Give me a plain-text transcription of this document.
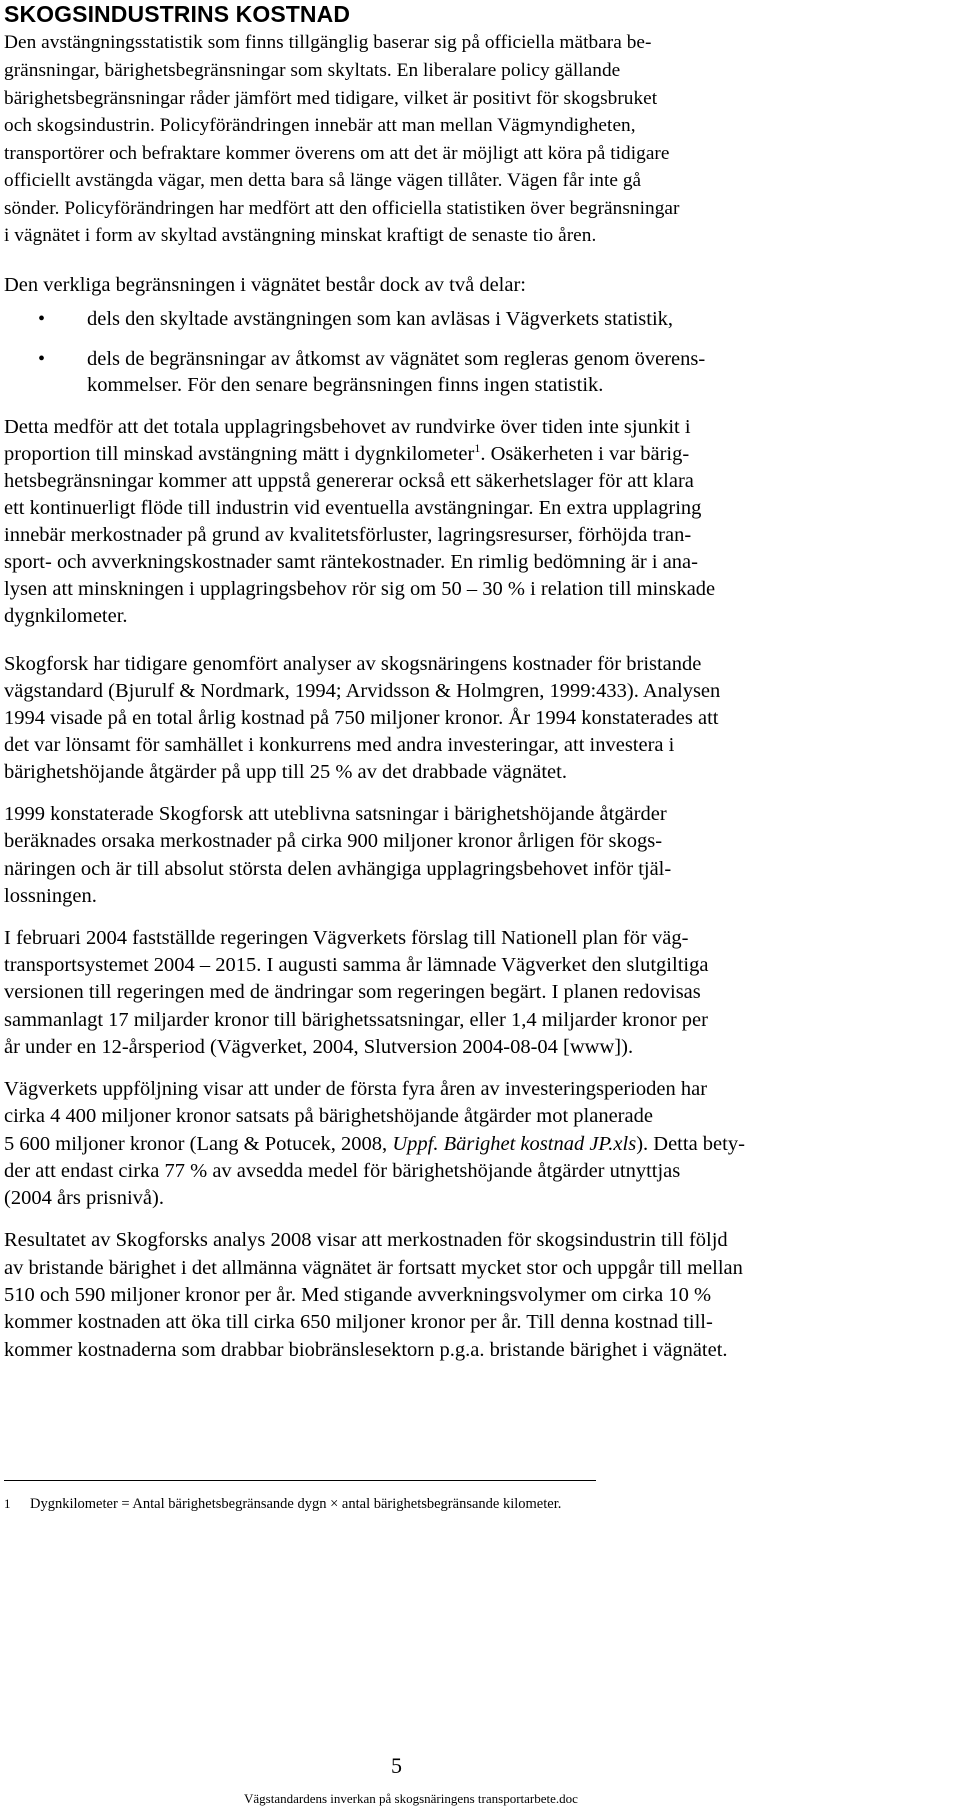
SKOGSINDUSTRINS KOSTNAD

Den avstängningsstatistik som finns tillgänglig baserar sig på officiella mätbara be-

gränsningar, bärighetsbegränsningar som skyltats. En liberalare policy gällande

bärighetsbegränsningar råder jämfört med tidigare, vilket är positivt för skogsbruket

och skogsindustrin. Policyförändringen innebär att man mellan Vägmyndigheten,

transportörer och befraktare kommer överens om att det är möjligt att köra på tidigare

officiellt avstängda vägar, men detta bara så länge vägen tillåter. Vägen får inte gå

sönder. Policyförändringen har medfört att den officiella statistiken över begränsningar

i vägnätet i form av skyltad avstängning minskat kraftigt de senaste tio åren.

Den verkliga begränsningen i vägnätet består dock av två delar:

• dels den skyltade avstängningen som kan avläsas i Vägverkets statistik,

• dels de begränsningar av åtkomst av vägnätet som regleras genom överens-

kommelser. För den senare begränsningen finns ingen statistik.

Detta medför att det totala upplagringsbehovet av rundvirke över tiden inte sjunkit i

proportion till minskad avstängning mätt i dygnkilometer$^1$. Osäkerheten i var bärig-

hetsbegränsningar kommer att uppstå genererar också ett säkerhetslager för att klara

ett kontinuerligt flöde till industrin vid eventuella avstängningar. En extra upplagring

innebär merkostnader på grund av kvalitetsförluster, lagringsresurser, förhöjda tran-

sport- och avverkningskostnader samt räntekostnader. En rimlig bedömning är i ana-

lysen att minskningen i upplagringsbehov rör sig om 50 – 30 % i relation till minskade

dygnkilometer.

Skogforsk har tidigare genomfört analyser av skogsnäringens kostnader för bristande

vägstandard (Bjurulf & Nordmark, 1994; Arvidsson & Holmgren, 1999:433). Analysen

1994 visade på en total årlig kostnad på 750 miljoner kronor. År 1994 konstaterades att

det var lönsamt för samhället i konkurrens med andra investeringar, att investera i

bärighetshöjande åtgärder på upp till 25 % av det drabbade vägnätet.

1999 konstaterade Skogforsk att uteblivna satsningar i bärighetshöjande åtgärder

beräknades orsaka merkostnader på cirka 900 miljoner kronor årligen för skogs-

näringen och är till absolut största delen avhängiga upplagringsbehovet inför tjäl-

lossningen.

I februari 2004 fastställde regeringen Vägverkets förslag till Nationell plan för väg-

transportsystemet 2004 – 2015. I augusti samma år lämnade Vägverket den slutgiltiga

versionen till regeringen med de ändringar som regeringen begärt. I planen redovisas

sammanlagt 17 miljarder kronor till bärighetssatsningar, eller 1,4 miljarder kronor per

år under en 12-årsperiod (Vägverket, 2004, Slutversion 2004-08-04 [www]).

Vägverkets uppföljning visar att under de första fyra åren av investeringsperioden har

cirka 4 400 miljoner kronor satsats på bärighetshöjande åtgärder mot planerade

5 600 miljoner kronor (Lang & Potucek, 2008, Uppf. Bärighet kostnad JP.xls). Detta bety-

der att endast cirka 77 % av avsedda medel för bärighetshöjande åtgärder utnyttjas

(2004 års prisnivå).

Resultatet av Skogforsks analys 2008 visar att merkostnaden för skogsindustrin till följd

av bristande bärighet i det allmänna vägnätet är fortsatt mycket stor och uppgår till mellan

510 och 590 miljoner kronor per år. Med stigande avverkningsvolymer om cirka 10 %

kommer kostnaden att öka till cirka 650 miljoner kronor per år. Till denna kostnad till-

kommer kostnaderna som drabbar biobränslesektorn p.g.a. bristande bärighet i vägnätet.

1 Dygnkilometer = Antal bärighetsbegränsande dygn × antal bärighetsbegränsande kilometer.

5

Vägstandardens inverkan på skogsnäringens transportarbete.doc
